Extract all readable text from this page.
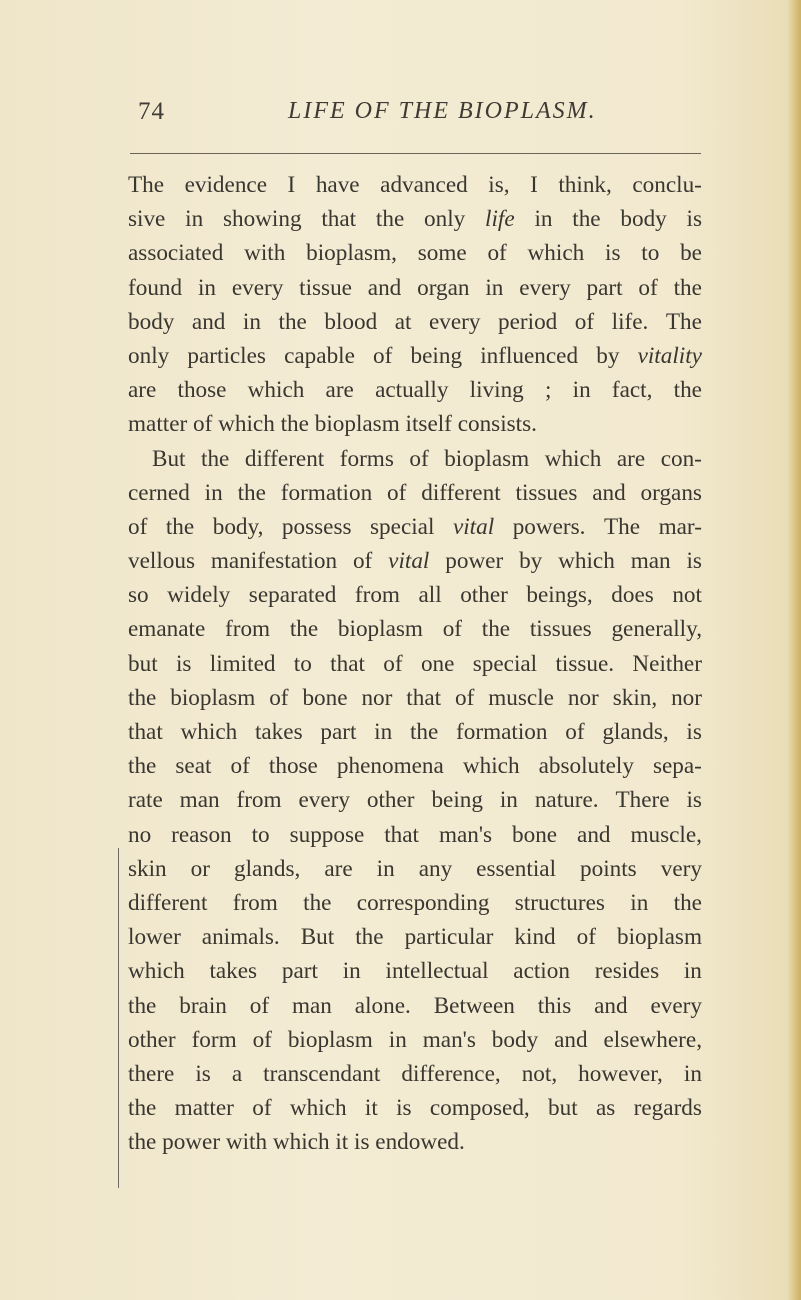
74	LIFE OF THE BIOPLASM.
The evidence I have advanced is, I think, conclu-
sive in showing that the only life in the body is
associated with bioplasm, some of which is to be
found in every tissue and organ in every part of the
body and in the blood at every period of life. The
only particles capable of being influenced by vitality
are those which are actually living ; in fact, the
matter of which the bioplasm itself consists.
But the different forms of bioplasm which are con-
cerned in the formation of different tissues and organs
of the body, possess special vital powers. The mar-
vellous manifestation of vital power by which man is
so widely separated from all other beings, does not
emanate from the bioplasm of the tissues generally,
but is limited to that of one special tissue. Neither
the bioplasm of bone nor that of muscle nor skin, nor
that which takes part in the formation of glands, is
the seat of those phenomena which absolutely sepa-
rate man from every other being in nature. There is
no reason to suppose that man's bone and muscle,
skin or glands, are in any essential points very
different from the corresponding structures in the
lower animals. But the particular kind of bioplasm
which takes part in intellectual action resides in
the brain of man alone. Between this and every
other form of bioplasm in man's body and elsewhere,
there is a transcendant difference, not, however, in
the matter of which it is composed, but as regards
the power with which it is endowed.
